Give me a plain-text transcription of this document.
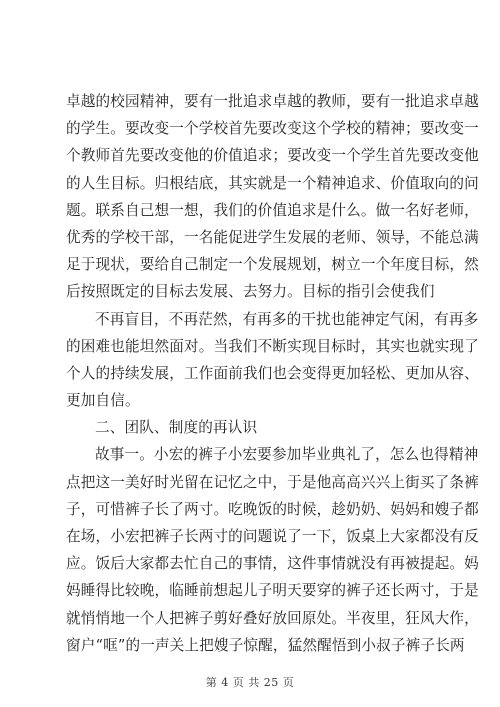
卓越的校园精神，要有一批追求卓越的教师，要有一批追求卓越
的学生。要改变一个学校首先要改变这个学校的精神；要改变一
个教师首先要改变他的价值追求；要改变一个学生首先要改变他
的人生目标。归根结底，其实就是一个精神追求、价值取向的问
题。联系自己想一想，我们的价值追求是什么。做一名好老师，
优秀的学校干部，一名能促进学生发展的老师、领导，不能总满
足于现状，要给自己制定一个发展规划，树立一个年度目标，然
后按照既定的目标去发展、去努力。目标的指引会使我们
不再盲目，不再茫然，有再多的干扰也能神定气闲，有再多
的困难也能坦然面对。当我们不断实现目标时，其实也就实现了
个人的持续发展，工作面前我们也会变得更加轻松、更加从容、
更加自信。
二、团队、制度的再认识
故事一。小宏的裤子小宏要参加毕业典礼了，怎么也得精神
点把这一美好时光留在记忆之中，于是他高高兴兴上街买了条裤
子，可惜裤子长了两寸。吃晚饭的时候，趁奶奶、妈妈和嫂子都
在场，小宏把裤子长两寸的问题说了一下，饭桌上大家都没有反
应。饭后大家都去忙自己的事情，这件事情就没有再被提起。妈
妈睡得比较晚，临睡前想起儿子明天要穿的裤子还长两寸，于是
就悄悄地一个人把裤子剪好叠好放回原处。半夜里，狂风大作，
窗户“哐”的一声关上把嫂子惊醒，猛然醒悟到小叔子裤子长两
第 4 页 共 25 页
